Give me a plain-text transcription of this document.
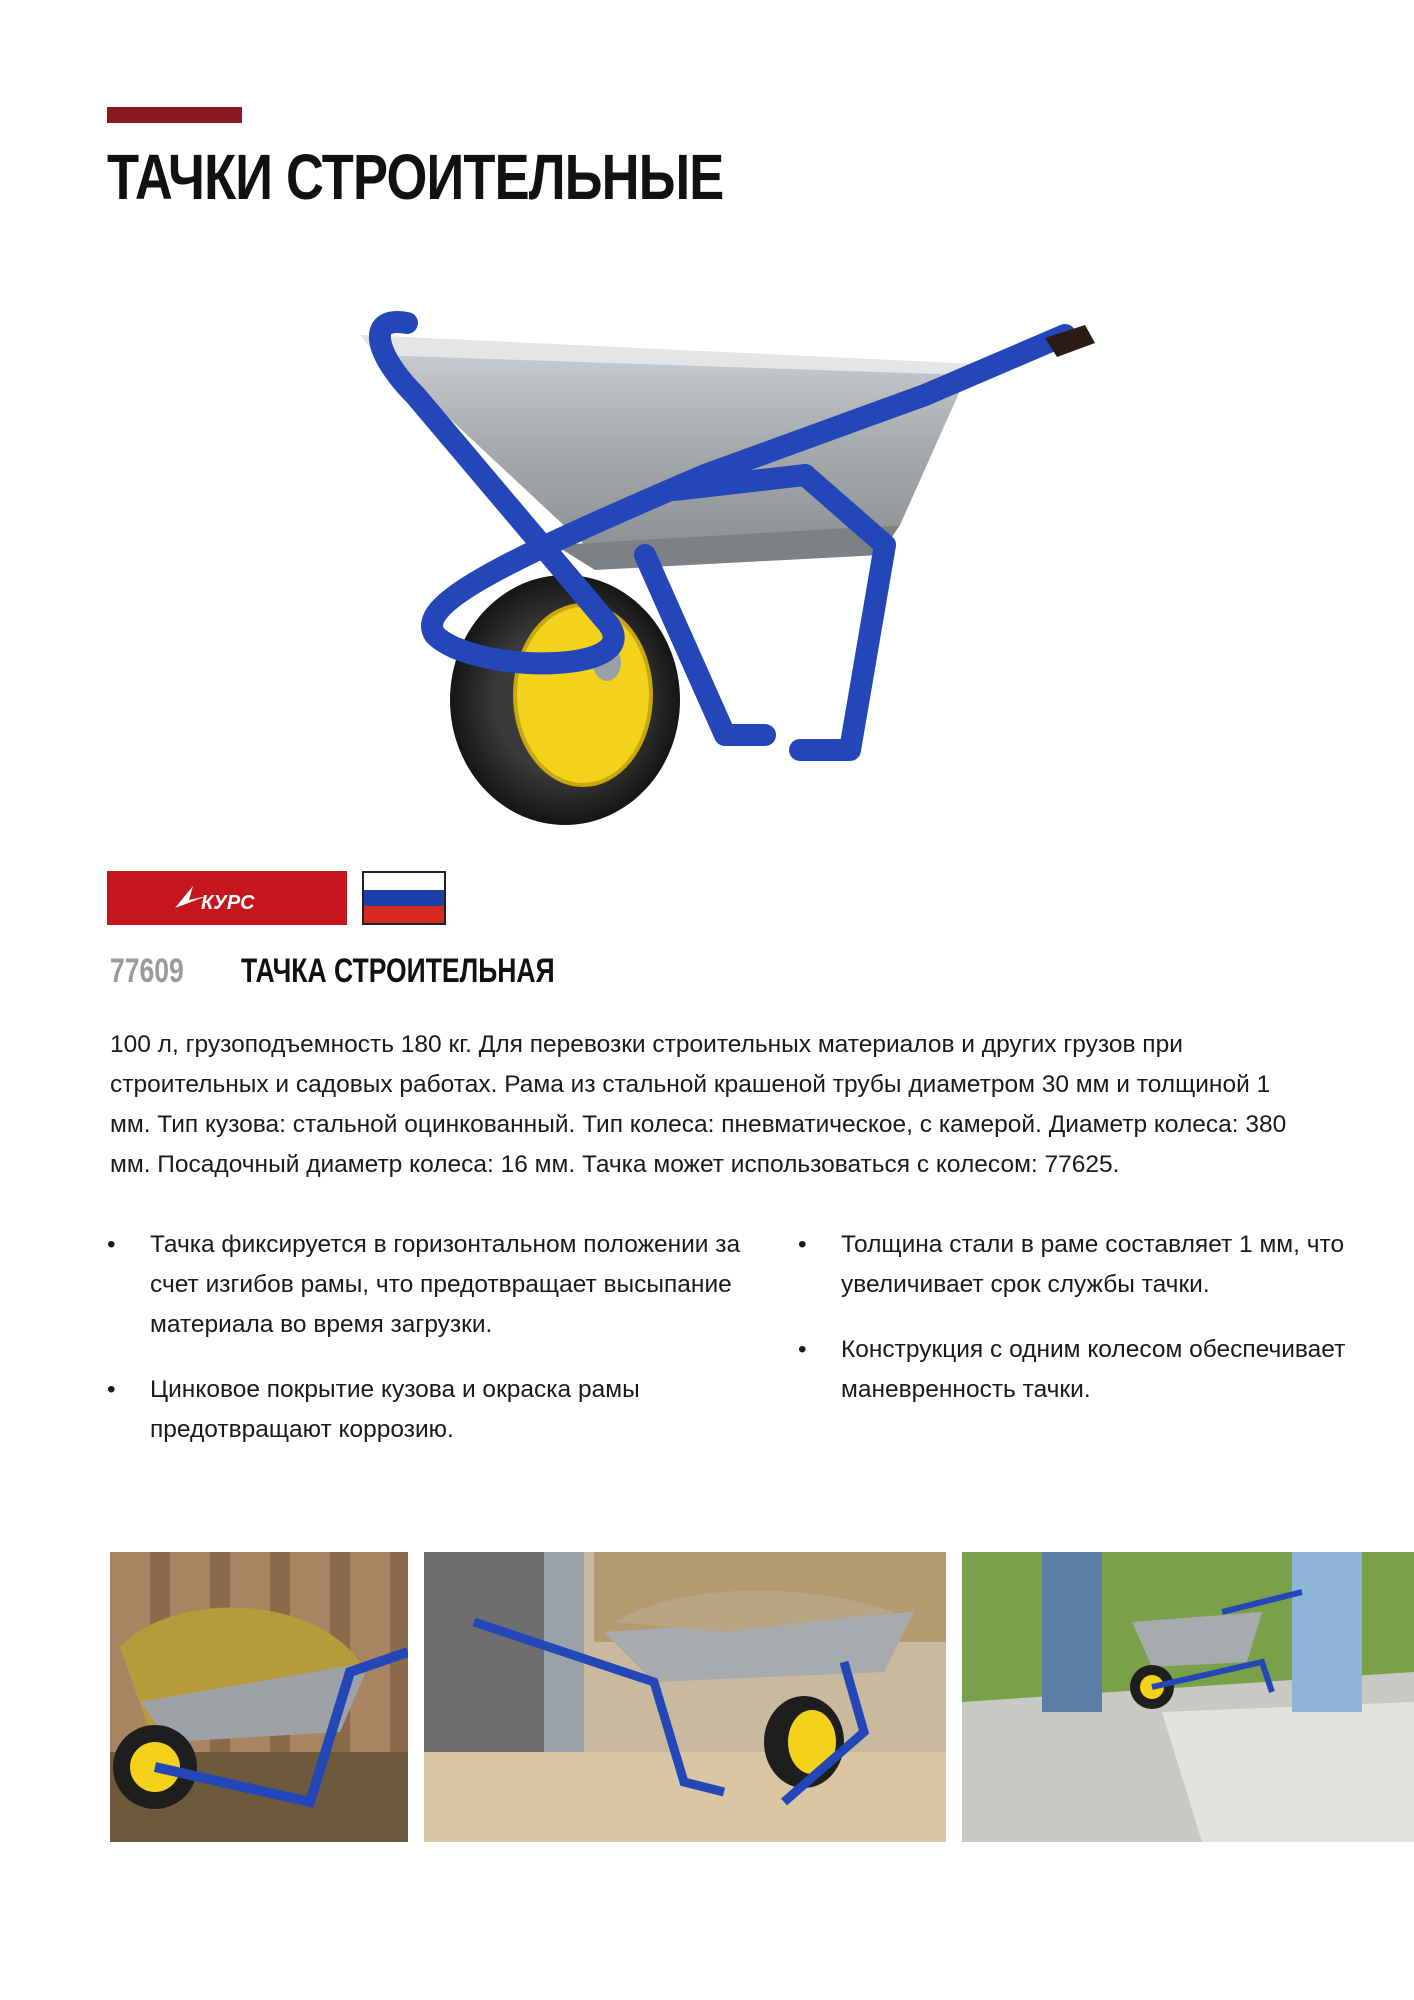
ТАЧКИ СТРОИТЕЛЬНЫЕ
КУРС
77609 ТАЧКА СТРОИТЕЛЬНАЯ

100 л, грузоподъемность 180 кг. Для перевозки строительных материалов и других грузов при строительных и садовых работах. Рама из стальной крашеной трубы диаметром 30 мм и толщиной 1 мм. Тип кузова: стальной оцинкованный. Тип колеса: пневматическое, с камерой. Диаметр колеса: 380 мм. Посадочный диаметр колеса: 16 мм. Тачка может использоваться с колесом: 77625.

• Тачка фиксируется в горизонтальном положении за счет изгибов рамы, что предотвращает высыпание материала во время загрузки.
• Цинковое покрытие кузова и окраска рамы предотвращают коррозию.
• Толщина стали в раме составляет 1 мм, что увеличивает срок службы тачки.
• Конструкция с одним колесом обеспечивает маневренность тачки.
